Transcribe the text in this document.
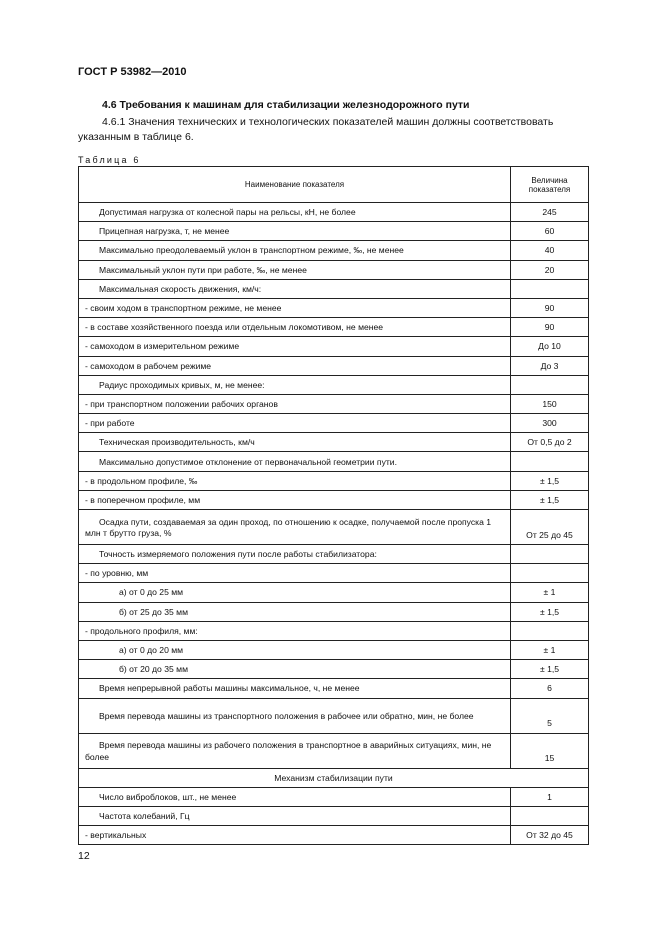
ГОСТ Р 53982—2010
4.6 Требования к машинам для стабилизации железнодорожного пути
4.6.1 Значения технических и технологических показателей машин должны соответствовать указанным в таблице 6.
Таблица 6
Наименование показателя	Величина показателя
Допустимая нагрузка от колесной пары на рельсы, кН, не более	245
Прицепная нагрузка, т, не менее	60
Максимально преодолеваемый уклон в транспортном режиме, ‰, не менее	40
Максимальный уклон пути при работе, ‰, не менее	20
Максимальная скорость движения, км/ч:	
- своим ходом в транспортном режиме, не менее	90
- в составе хозяйственного поезда или отдельным локомотивом, не менее	90
- самоходом в измерительном режиме	До 10
- самоходом в рабочем режиме	До 3
Радиус проходимых кривых, м, не менее:	
- при транспортном положении рабочих органов	150
- при работе	300
Техническая производительность, км/ч	От 0,5 до 2
Максимально допустимое отклонение от первоначальной геометрии пути.	
- в продольном профиле, ‰	± 1,5
- в поперечном профиле, мм	± 1,5
Осадка пути, создаваемая за один проход, по отношению к осадке, получаемой после пропуска 1 млн т брутто груза, %	От 25 до 45
Точность измеряемого положения пути после работы стабилизатора:	
- по уровню, мм	
а) от 0 до 25 мм	± 1
б) от 25 до 35 мм	± 1,5
- продольного профиля, мм:	
а) от 0 до 20 мм	± 1
б) от 20 до 35 мм	± 1,5
Время непрерывной работы машины максимальное, ч, не менее	6
Время перевода машины из транспортного положения в рабочее или обратно, мин, не более	5
Время перевода машины из рабочего положения в транспортное в аварийных ситуациях, мин, не более	15
Механизм стабилизации пути	
Число виброблоков, шт., не менее	1
Частота колебаний, Гц	
- вертикальных	От 32 до 45
12
